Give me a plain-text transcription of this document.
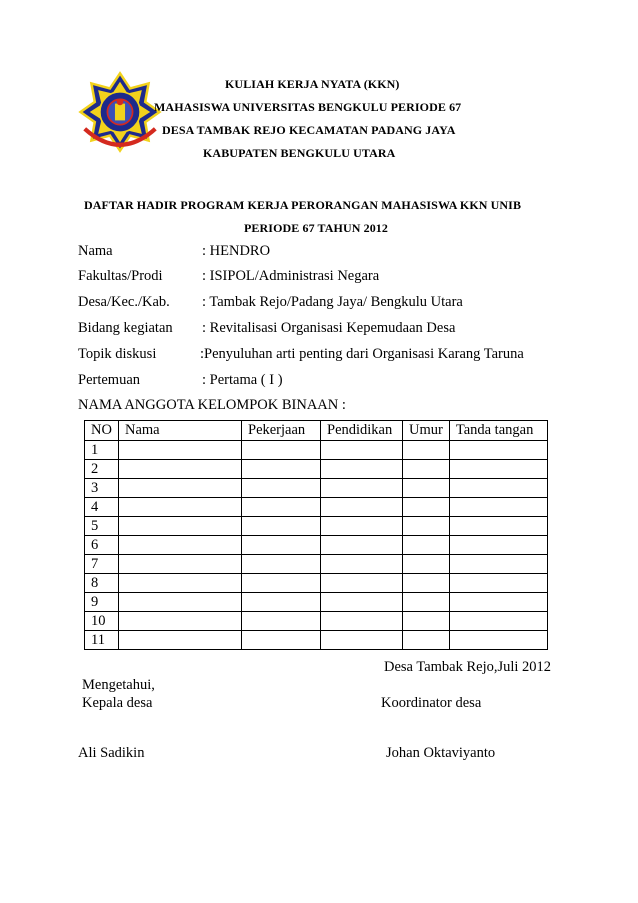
KULIAH KERJA NYATA (KKN)
MAHASISWA UNIVERSITAS BENGKULU PERIODE 67
DESA TAMBAK REJO KECAMATAN PADANG JAYA
KABUPATEN BENGKULU UTARA
DAFTAR HADIR PROGRAM KERJA PERORANGAN MAHASISWA KKN UNIB
PERIODE 67 TAHUN 2012
Nama	: HENDRO
Fakultas/Prodi	: ISIPOL/Administrasi Negara
Desa/Kec./Kab. : Tambak Rejo/Padang Jaya/ Bengkulu Utara
Bidang kegiatan : Revitalisasi Organisasi Kepemudaan Desa
Topik diskusi	:Penyuluhan arti penting dari Organisasi Karang Taruna
Pertemuan	: Pertama ( I )
NAMA ANGGOTA KELOMPOK BINAAN :
NO	Nama	Pekerjaan	Pendidikan	Umur	Tanda tangan
1					
2					
3					
4					
5					
6					
7					
8					
9					
10					
11					
Desa Tambak Rejo,Juli 2012
Mengetahui,
Kepala desa	Koordinator desa
Ali Sadikin	Johan Oktaviyanto
